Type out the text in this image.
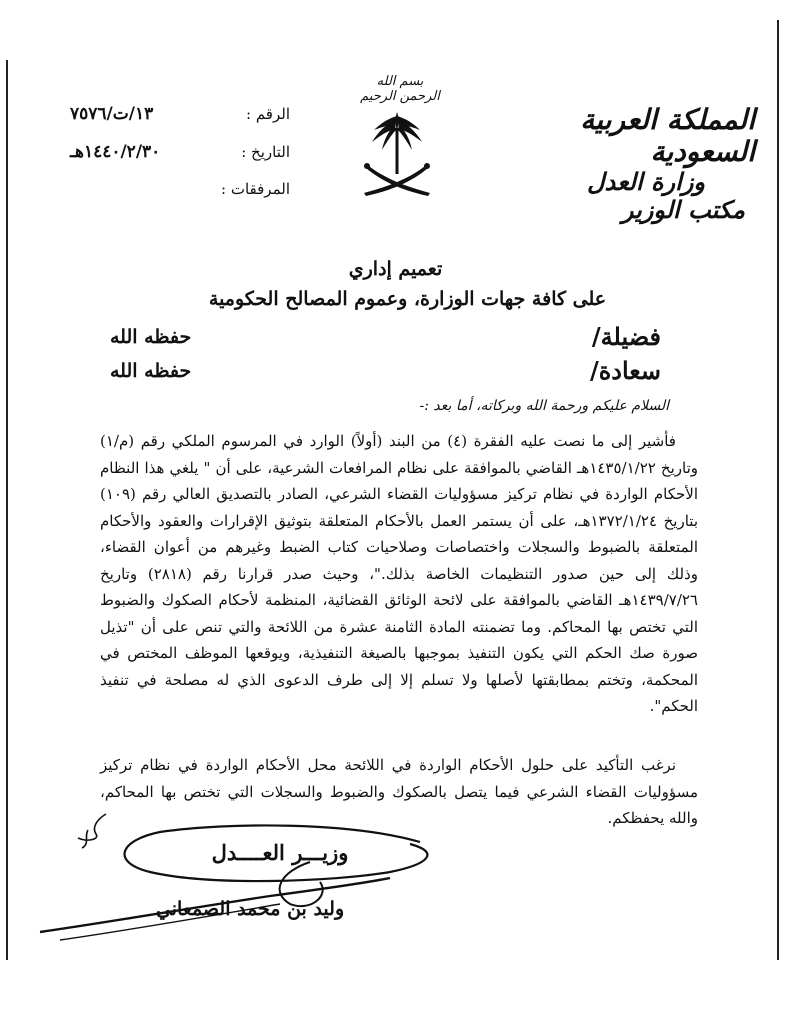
بسم الله الرحمن الرحيم
المملكة العربية السعودية
وزارة العدل
مكتب الوزير
الرقم :
١٣/ت/٧٥٧٦
التاريخ :
١٤٤٠/٢/٣٠هـ
المرفقات :
تعميم إداري
على كافة جهات الوزارة، وعموم المصالح الحكومية
فضيلة/
حفظه الله
سعادة/
حفظه الله
السلام عليكم ورحمة الله وبركاته، أما بعد :-

فأشير إلى ما نصت عليه الفقرة (٤) من البند (أولاً) الوارد في المرسوم الملكي رقم (م/١) وتاريخ ١٤٣٥/١/٢٢هـ القاضي بالموافقة على نظام المرافعات الشرعية، على أن " يلغي هذا النظام الأحكام الواردة في نظام تركيز مسؤوليات القضاء الشرعي، الصادر بالتصديق العالي رقم (١٠٩) بتاريخ ١٣٧٢/١/٢٤هـ، على أن يستمر العمل بالأحكام المتعلقة بتوثيق الإقرارات والعقود والأحكام المتعلقة بالضبوط والسجلات واختصاصات وصلاحيات كتاب الضبط وغيرهم من أعوان القضاء، وذلك إلى حين صدور التنظيمات الخاصة بذلك."، وحيث صدر قرارنا رقم (٢٨١٨) وتاريخ ١٤٣٩/٧/٢٦هـ القاضي بالموافقة على لائحة الوثائق القضائية، المنظمة لأحكام الصكوك والضبوط التي تختص بها المحاكم. وما تضمنته المادة الثامنة عشرة من اللائحة والتي تنص على أن "تذيل صورة صك الحكم التي يكون التنفيذ بموجبها بالصيغة التنفيذية، ويوقعها الموظف المختص في المحكمة، وتختم بمطابقتها لأصلها ولا تسلم إلا إلى طرف الدعوى الذي له مصلحة في تنفيذ الحكم".

نرغب التأكيد على حلول الأحكام الواردة في اللائحة محل الأحكام الواردة في نظام تركيز مسؤوليات القضاء الشرعي فيما يتصل بالصكوك والضبوط والسجلات التي تختص بها المحاكم، والله يحفظكم.

وزيـــر العــــدل
وليد بن محمد الصمعاني
